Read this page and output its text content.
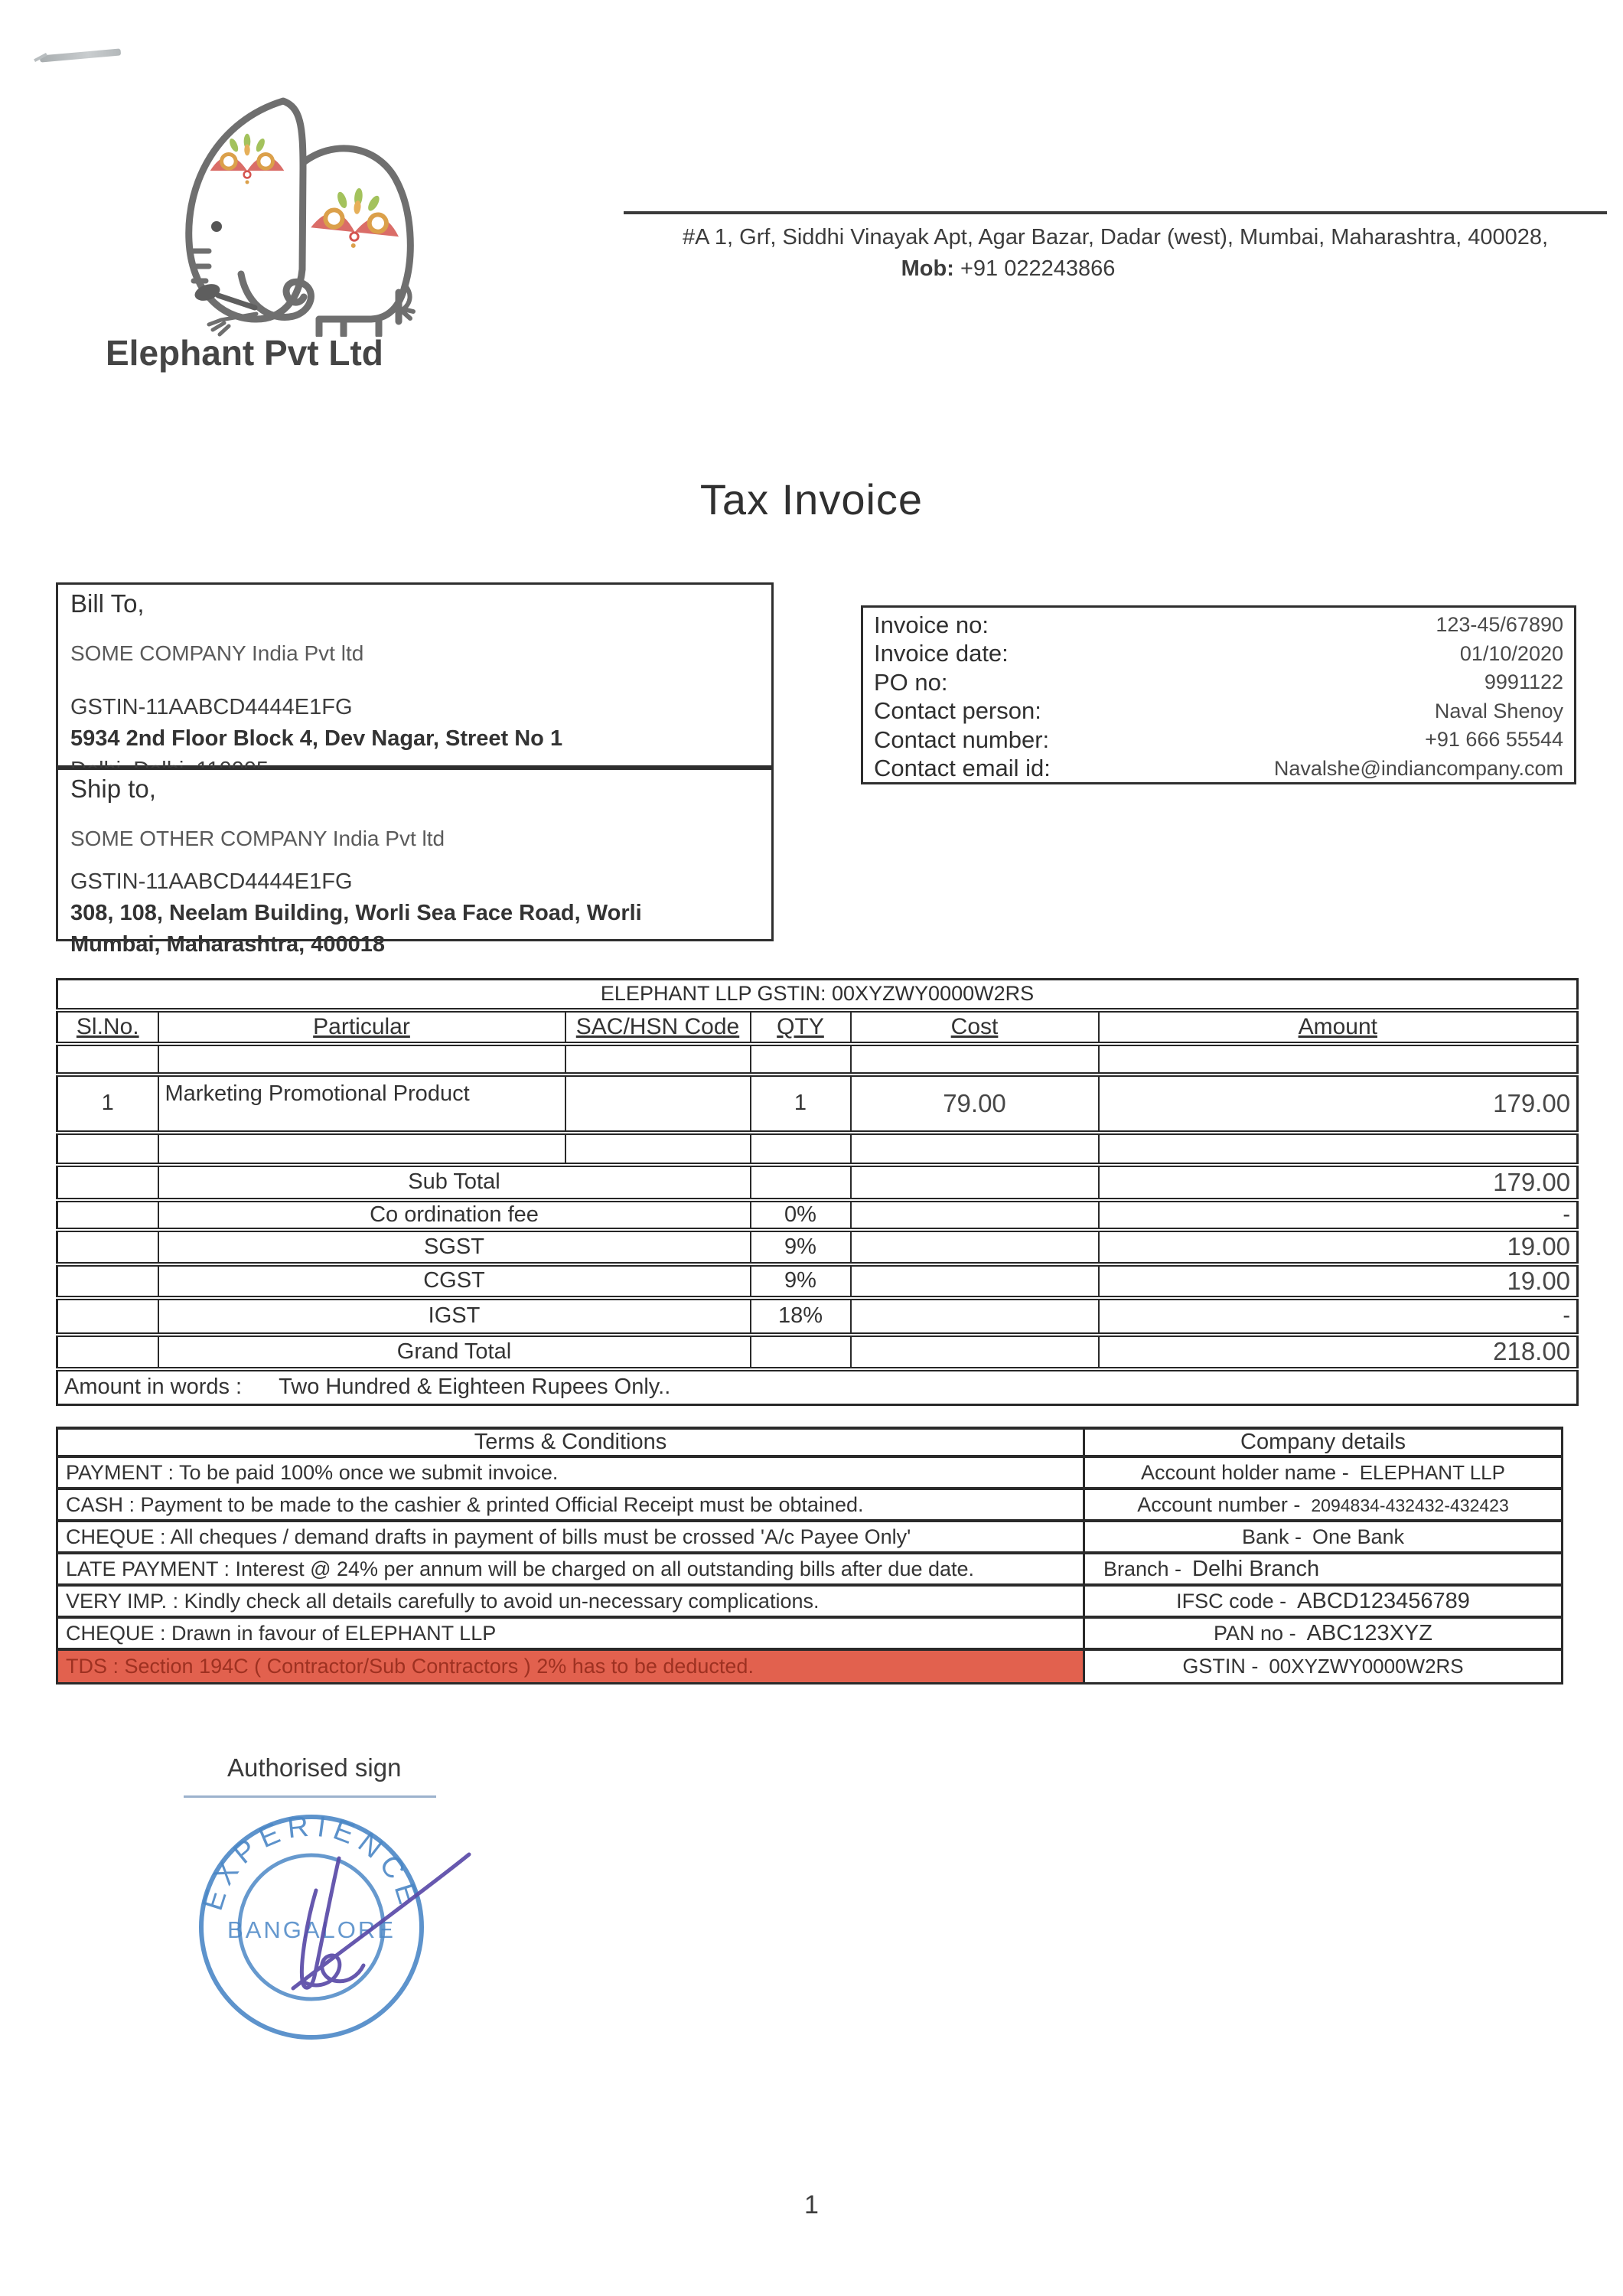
Elephant Pvt Ltd
#A 1, Grf, Siddhi Vinayak Apt, Agar Bazar, Dadar (west), Mumbai, Maharashtra, 400028,
Mob: +91 022243866
Tax Invoice
Bill To,
SOME COMPANY India Pvt ltd
GSTIN-11AABCD4444E1FG
5934 2nd Floor Block 4, Dev Nagar, Street No 1
Ship to,
SOME OTHER COMPANY India Pvt ltd
GSTIN-11AABCD4444E1FG
308, 108, Neelam Building, Worli Sea Face Road, Worli
Mumbai, Maharashtra, 400018
Invoice no:	123-45/67890
Invoice date:	01/10/2020
PO no:	9991122
Contact person:	Naval Shenoy
Contact number:	+91 666 55544
Contact email id:	Navalshe@indiancompany.com
ELEPHANT LLP GSTIN: 00XYZWY0000W2RS					
Sl.No.	Particular	SAC/HSN Code	QTY	Cost	Amount

1	Marketing Promotional Product		1	79.00	179.00

	Sub Total				179.00
	Co ordination fee		0%		-
	SGST		9%		19.00
	CGST		9%		19.00
	IGST		18%		-
	Grand Total				218.00
Amount in words : Two Hundred & Eighteen Rupees Only..					
Terms & Conditions	Company details
PAYMENT : To be paid 100% once we submit invoice.	Account holder name - ELEPHANT LLP
CASH : Payment to be made to the cashier & printed Official Receipt must be obtained.	Account number - 2094834-432432-432423
CHEQUE : All cheques / demand drafts in payment of bills must be crossed 'A/c Payee Only'	Bank - One Bank
LATE PAYMENT : Interest @ 24% per annum will be charged on all outstanding bills after due date.	Branch - Delhi Branch
VERY IMP. : Kindly check all details carefully to avoid un-necessary complications.	IFSC code - ABCD123456789
CHEQUE : Drawn in favour of ELEPHANT LLP	PAN no - ABC123XYZ
TDS : Section 194C ( Contractor/Sub Contractors ) 2% has to be deducted.	GSTIN - 00XYZWY0000W2RS
Authorised sign
EXPERIENCE
BANGALORE
1
